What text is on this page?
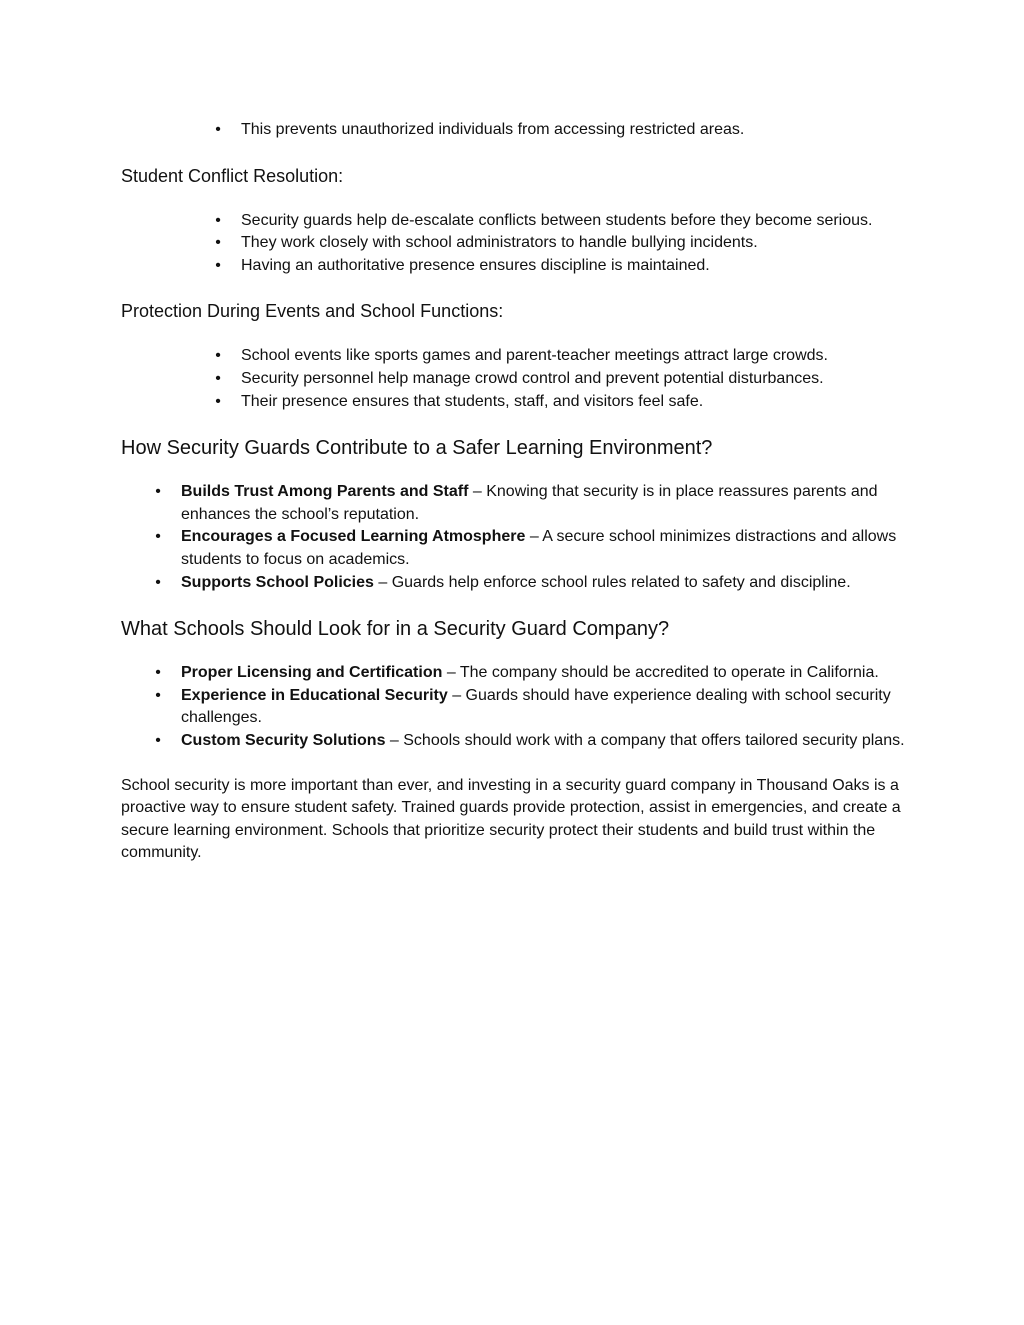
• This prevents unauthorized individuals from accessing restricted areas.
Student Conflict Resolution:
• Security guards help de-escalate conflicts between students before they become serious.
• They work closely with school administrators to handle bullying incidents.
• Having an authoritative presence ensures discipline is maintained.
Protection During Events and School Functions:
• School events like sports games and parent-teacher meetings attract large crowds.
• Security personnel help manage crowd control and prevent potential disturbances.
• Their presence ensures that students, staff, and visitors feel safe.
How Security Guards Contribute to a Safer Learning Environment?
• Builds Trust Among Parents and Staff – Knowing that security is in place reassures parents and enhances the school’s reputation.
• Encourages a Focused Learning Atmosphere – A secure school minimizes distractions and allows students to focus on academics.
• Supports School Policies – Guards help enforce school rules related to safety and discipline.
What Schools Should Look for in a Security Guard Company?
• Proper Licensing and Certification – The company should be accredited to operate in California.
• Experience in Educational Security – Guards should have experience dealing with school security challenges.
• Custom Security Solutions – Schools should work with a company that offers tailored security plans.

School security is more important than ever, and investing in a security guard company in Thousand Oaks is a proactive way to ensure student safety. Trained guards provide protection, assist in emergencies, and create a secure learning environment. Schools that prioritize security protect their students and build trust within the community.
